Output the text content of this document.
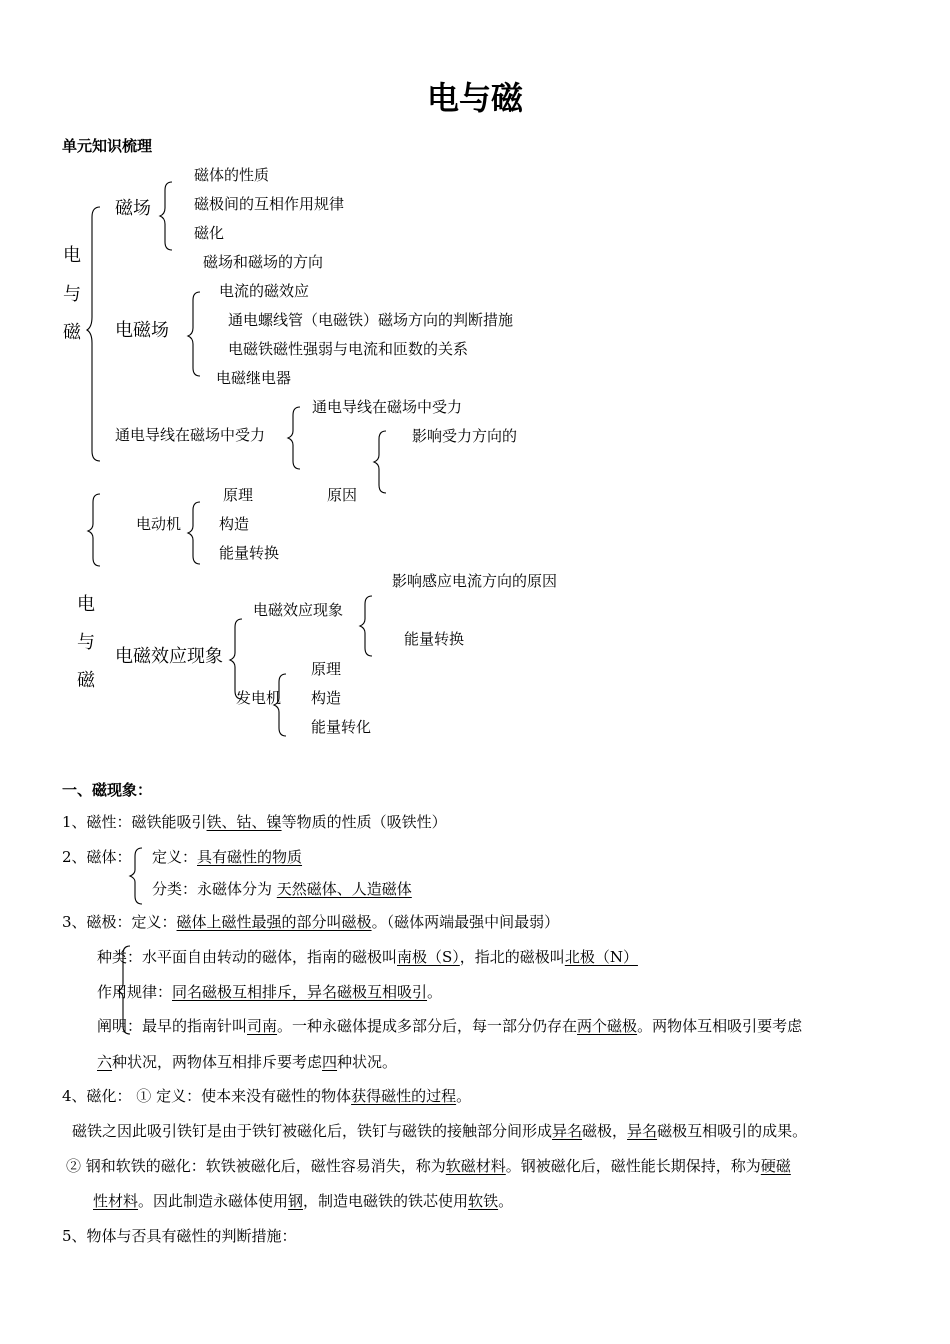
电与磁
单元知识梳理
电
与
磁
磁场
磁体的性质
磁极间的互相作用规律
磁化
磁场和磁场的方向
电磁场
电流的磁效应
通电螺线管（电磁铁）磁场方向的判断措施
电磁铁磁性强弱与电流和匝数的关系
电磁继电器
通电导线在磁场中受力
通电导线在磁场中受力
影响受力方向的
电动机
原理	原因
构造
能量转换
电
与
磁
电磁效应现象
电磁效应现象
影响感应电流方向的原因
能量转换
发电机
原理
构造
能量转化
一、磁现象：
1、磁性：磁铁能吸引铁、钴、镍等物质的性质（吸铁性）
2、磁体： 定义：具有磁性的物质
分类：永磁体分为 天然磁体、人造磁体
3、磁极：定义：磁体上磁性最强的部分叫磁极。（磁体两端最强中间最弱）
种类：水平面自由转动的磁体，指南的磁极叫南极（S），指北的磁极叫北极（N）
作用规律：同名磁极互相排斥，异名磁极互相吸引。
阐明：最早的指南针叫司南。一种永磁体提成多部分后，每一部分仍存在两个磁极。两物体互相吸引要考虑
六种状况，两物体互相排斥要考虑四种状况。
4、磁化： ① 定义：使本来没有磁性的物体获得磁性的过程。
磁铁之因此吸引铁钉是由于铁钉被磁化后，铁钉与磁铁的接触部分间形成异名磁极，异名磁极互相吸引的成果。
② 钢和软铁的磁化：软铁被磁化后，磁性容易消失，称为软磁材料。钢被磁化后，磁性能长期保持，称为硬磁
性材料。因此制造永磁体使用钢，制造电磁铁的铁芯使用软铁。
5、物体与否具有磁性的判断措施：
